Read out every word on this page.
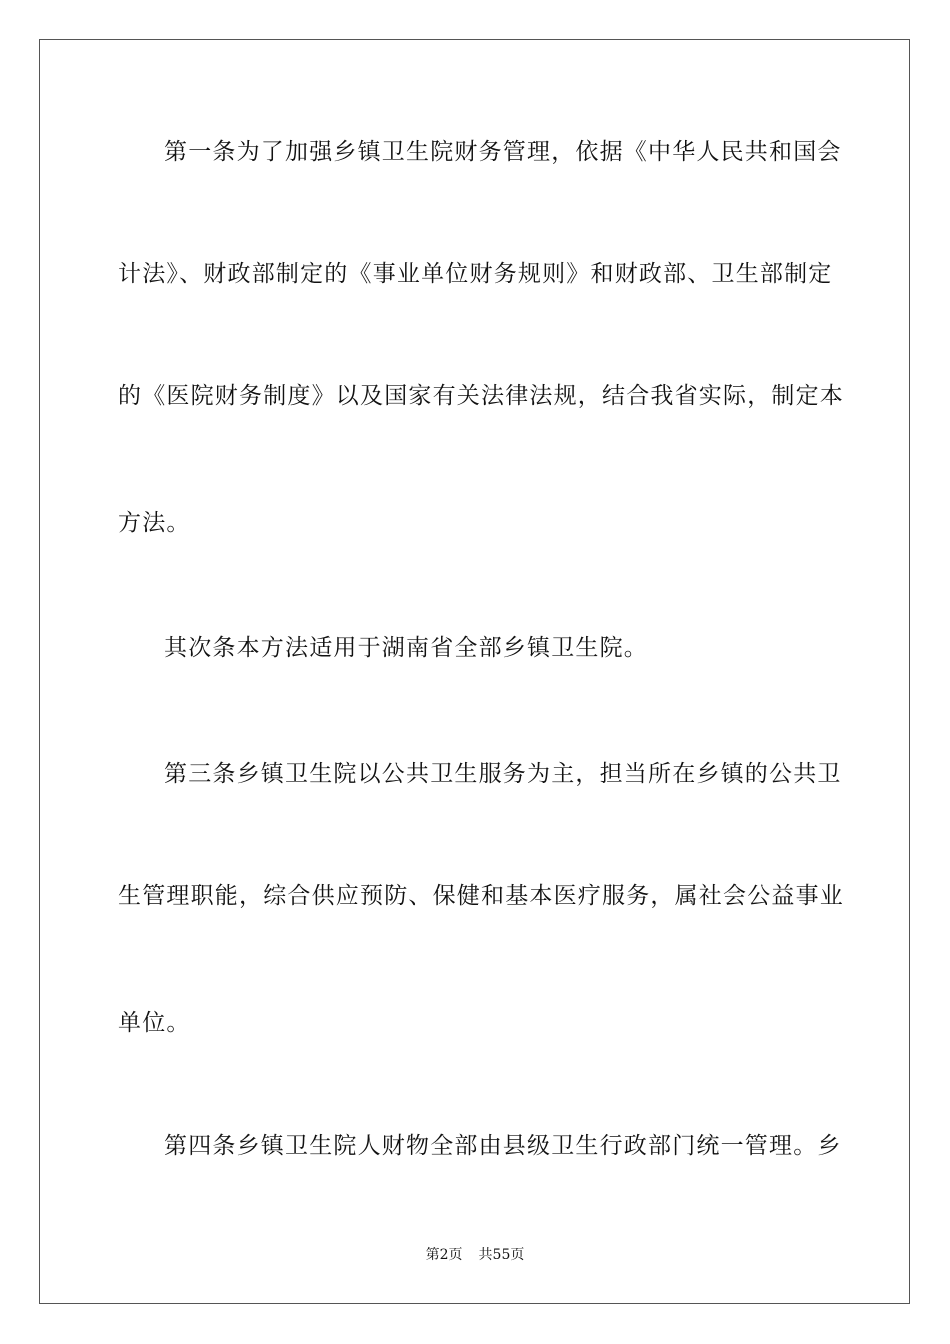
第一条为了加强乡镇卫生院财务管理，依据《中华人民共和国会
计法》、财政部制定的《事业单位财务规则》和财政部、卫生部制定
的《医院财务制度》以及国家有关法律法规，结合我省实际，制定本
方法。
其次条本方法适用于湖南省全部乡镇卫生院。
第三条乡镇卫生院以公共卫生服务为主，担当所在乡镇的公共卫
生管理职能，综合供应预防、保健和基本医疗服务，属社会公益事业
单位。
第四条乡镇卫生院人财物全部由县级卫生行政部门统一管理。乡
第2页 共55页
